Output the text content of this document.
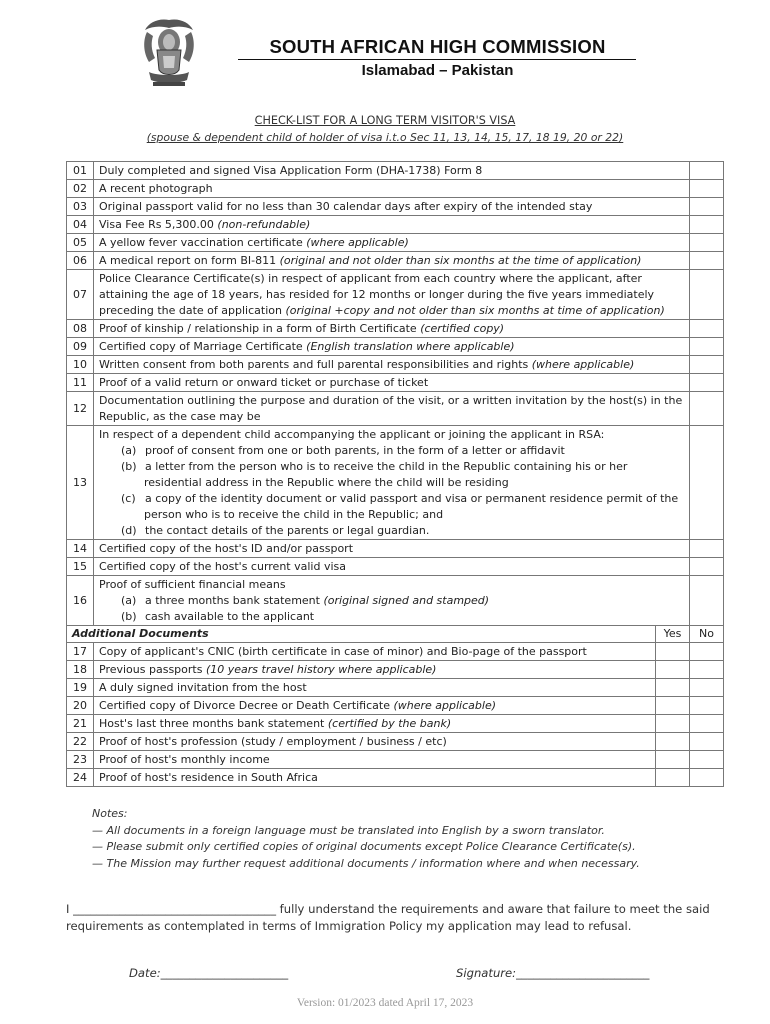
SOUTH AFRICAN HIGH COMMISSION
Islamabad – Pakistan
CHECK-LIST FOR A LONG TERM VISITOR'S VISA
(spouse & dependent child of holder of visa i.t.o Sec 11, 13, 14, 15, 17, 18 19, 20 or 22)
01	Duly completed and signed Visa Application Form (DHA-1738) Form 8		
02	A recent photograph		
03	Original passport valid for no less than 30 calendar days after expiry of the intended stay		
04	Visa Fee Rs 5,300.00 (non-refundable)		
05	A yellow fever vaccination certificate (where applicable)		
06	A medical report on form BI-811 (original and not older than six months at the time of application)		
07	Police Clearance Certificate(s) in respect of applicant from each country where the applicant, after attaining the age of 18 years, has resided for 12 months or longer during the five years immediately preceding the date of application (original +copy and not older than six months at time of application)		
08	Proof of kinship / relationship in a form of Birth Certificate (certified copy)		
09	Certified copy of Marriage Certificate (English translation where applicable)		
10	Written consent from both parents and full parental responsibilities and rights (where applicable)		
11	Proof of a valid return or onward ticket or purchase of ticket		
12	Documentation outlining the purpose and duration of the visit, or a written invitation by the host(s) in the Republic, as the case may be		
13	In respect of a dependent child accompanying the applicant or joining the applicant in RSA:
(a) proof of consent from one or both parents, in the form of a letter or affidavit
(b) a letter from the person who is to receive the child in the Republic containing his or her residential address in the Republic where the child will be residing
(c) a copy of the identity document or valid passport and visa or permanent residence permit of the person who is to receive the child in the Republic; and
(d) the contact details of the parents or legal guardian.		

14	Certified copy of the host's ID and/or passport		
15	Certified copy of the host's current valid visa		
16	Proof of sufficient financial means
(a) a three months bank statement (original signed and stamped)
(b) cash available to the applicant		

Additional Documents		Yes	No
17	Copy of applicant's CNIC (birth certificate in case of minor) and Bio-page of the passport		
18	Previous passports (10 years travel history where applicable)		
19	A duly signed invitation from the host		
20	Certified copy of Divorce Decree or Death Certificate (where applicable)		
21	Host's last three months bank statement (certified by the bank)		
22	Proof of host's profession (study / employment / business / etc)		
23	Proof of host's monthly income		
24	Proof of host's residence in South Africa		
Notes:
— All documents in a foreign language must be translated into English by a sworn translator.
— Please submit only certified copies of original documents except Police Clearance Certificate(s).
— The Mission may further request additional documents / information where and when necessary.
I ___________________________________ fully understand the requirements and aware that failure to meet the said requirements as contemplated in terms of Immigration Policy my application may lead to refusal.
Date:______________________	Signature:_______________________
Version: 01/2023 dated April 17, 2023
